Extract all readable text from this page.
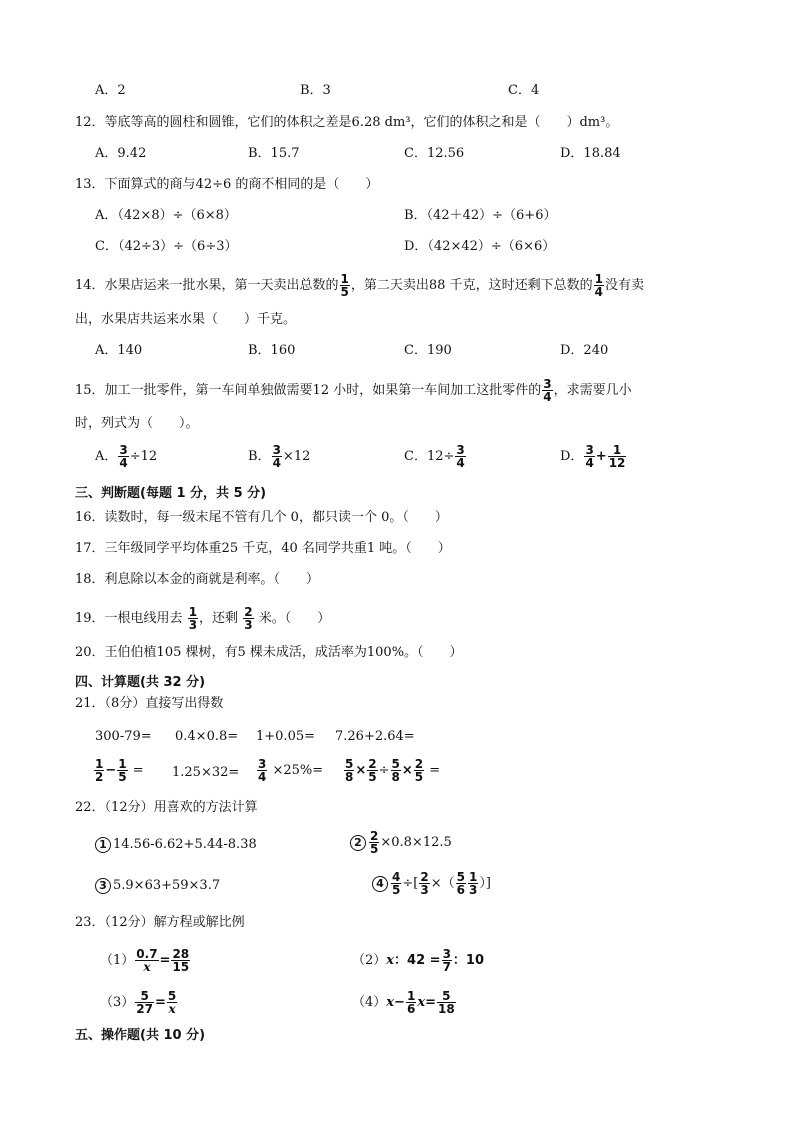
A．2	B．3	C．4
12．等底等高的圆柱和圆锥，它们的体积之差是6.28 dm³，它们的体积之和是（　　）dm³。
A．9.42	B．15.7	C．12.56	D．18.84
13．下面算式的商与42÷6 的商不相同的是（　　）
A．（42×8）÷（6×8）	B．（42＋42）÷（6+6）
C．（42÷3）÷（6÷3）	D．（42×42）÷（6×6）
14．水果店运来一批水果，第一天卖出总数的 $\frac{1}{5}$ ，第二天卖出88 千克，这时还剩下总数的 $\frac{1}{4}$ 没有卖
出，水果店共运来水果（　　）千克。
A．140	B．160	C．190	D．240
15．加工一批零件，第一车间单独做需要12 小时，如果第一车间加工这批零件的 $\frac{3}{4}$ ，求需要几小
时，列式为（　　）。
A． $\frac{3}{4} \div 12$	B． $\frac{3}{4} \times 12$	C．$12\div \frac{3}{4}$	D． $\frac{3}{4} + \frac{1}{12}$
三、判断题(每题 1 分，共 5 分)
16．读数时，每一级末尾不管有几个 0，都只读一个 0。（　　）
17．三年级同学平均体重25 千克，40 名同学共重1 吨。（　　）
18．利息除以本金的商就是利率。（　　）
19．一根电线用去 $\frac{1}{3}$ ，还剩 $\frac{2}{3}$ 米。（　　）
20．王伯伯植105 棵树，有5 棵未成活，成活率为100%。（　　）
四、计算题(共 32 分)
21．（8分）直接写出得数
300-79= 0.4×0.8= 1+0.05= 7.26+2.64=
$\frac{1}{2} - \frac{1}{5} = 1.25\times 32= \frac{3}{4} \times 25\%= \frac{5}{8} \times \frac{2}{5} \div \frac{5}{8} \times \frac{2}{5}$ =
22．（12分）用喜欢的方法计算
1 14.56-6.62+5.44-8.38	$2 \frac{2}{5} \times 0.8\times 12.5$
3 5.9×63+59×3.7	$4 \frac{4}{5}$ ÷[ $\frac{2}{3}$ ×（ $\frac{5}{6} \frac{1}{3}$ ）]
23．（12分）解方程或解比例
$(1) \frac{0.7}{x} = \frac{28}{15}$	（2）x：$42 = \frac{3}{7}$ ：10
$(3) \frac{5}{27} = \frac{5}{x}$	$(4)x- \frac{1}{6} x= \frac{5}{18}$
五、操作题(共 10 分)
